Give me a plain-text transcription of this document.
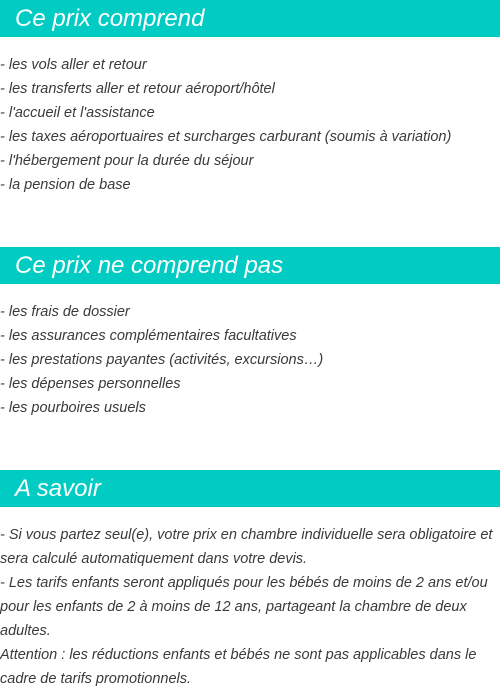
Ce prix comprend
- les vols aller et retour
- les transferts aller et retour aéroport/hôtel
- l'accueil et l'assistance
- les taxes aéroportuaires et surcharges carburant (soumis à variation)
- l'hébergement pour la durée du séjour
- la pension de base
Ce prix ne comprend pas
- les frais de dossier
- les assurances complémentaires facultatives
- les prestations payantes (activités, excursions…)
- les dépenses personnelles
- les pourboires usuels
A savoir

- Si vous partez seul(e), votre prix en chambre individuelle sera obligatoire et sera calculé automatiquement dans votre devis.

- Les tarifs enfants seront appliqués pour les bébés de moins de 2 ans et/ou pour les enfants de 2 à moins de 12 ans, partageant la chambre de deux adultes.

Attention : les réductions enfants et bébés ne sont pas applicables dans le cadre de tarifs promotionnels.
